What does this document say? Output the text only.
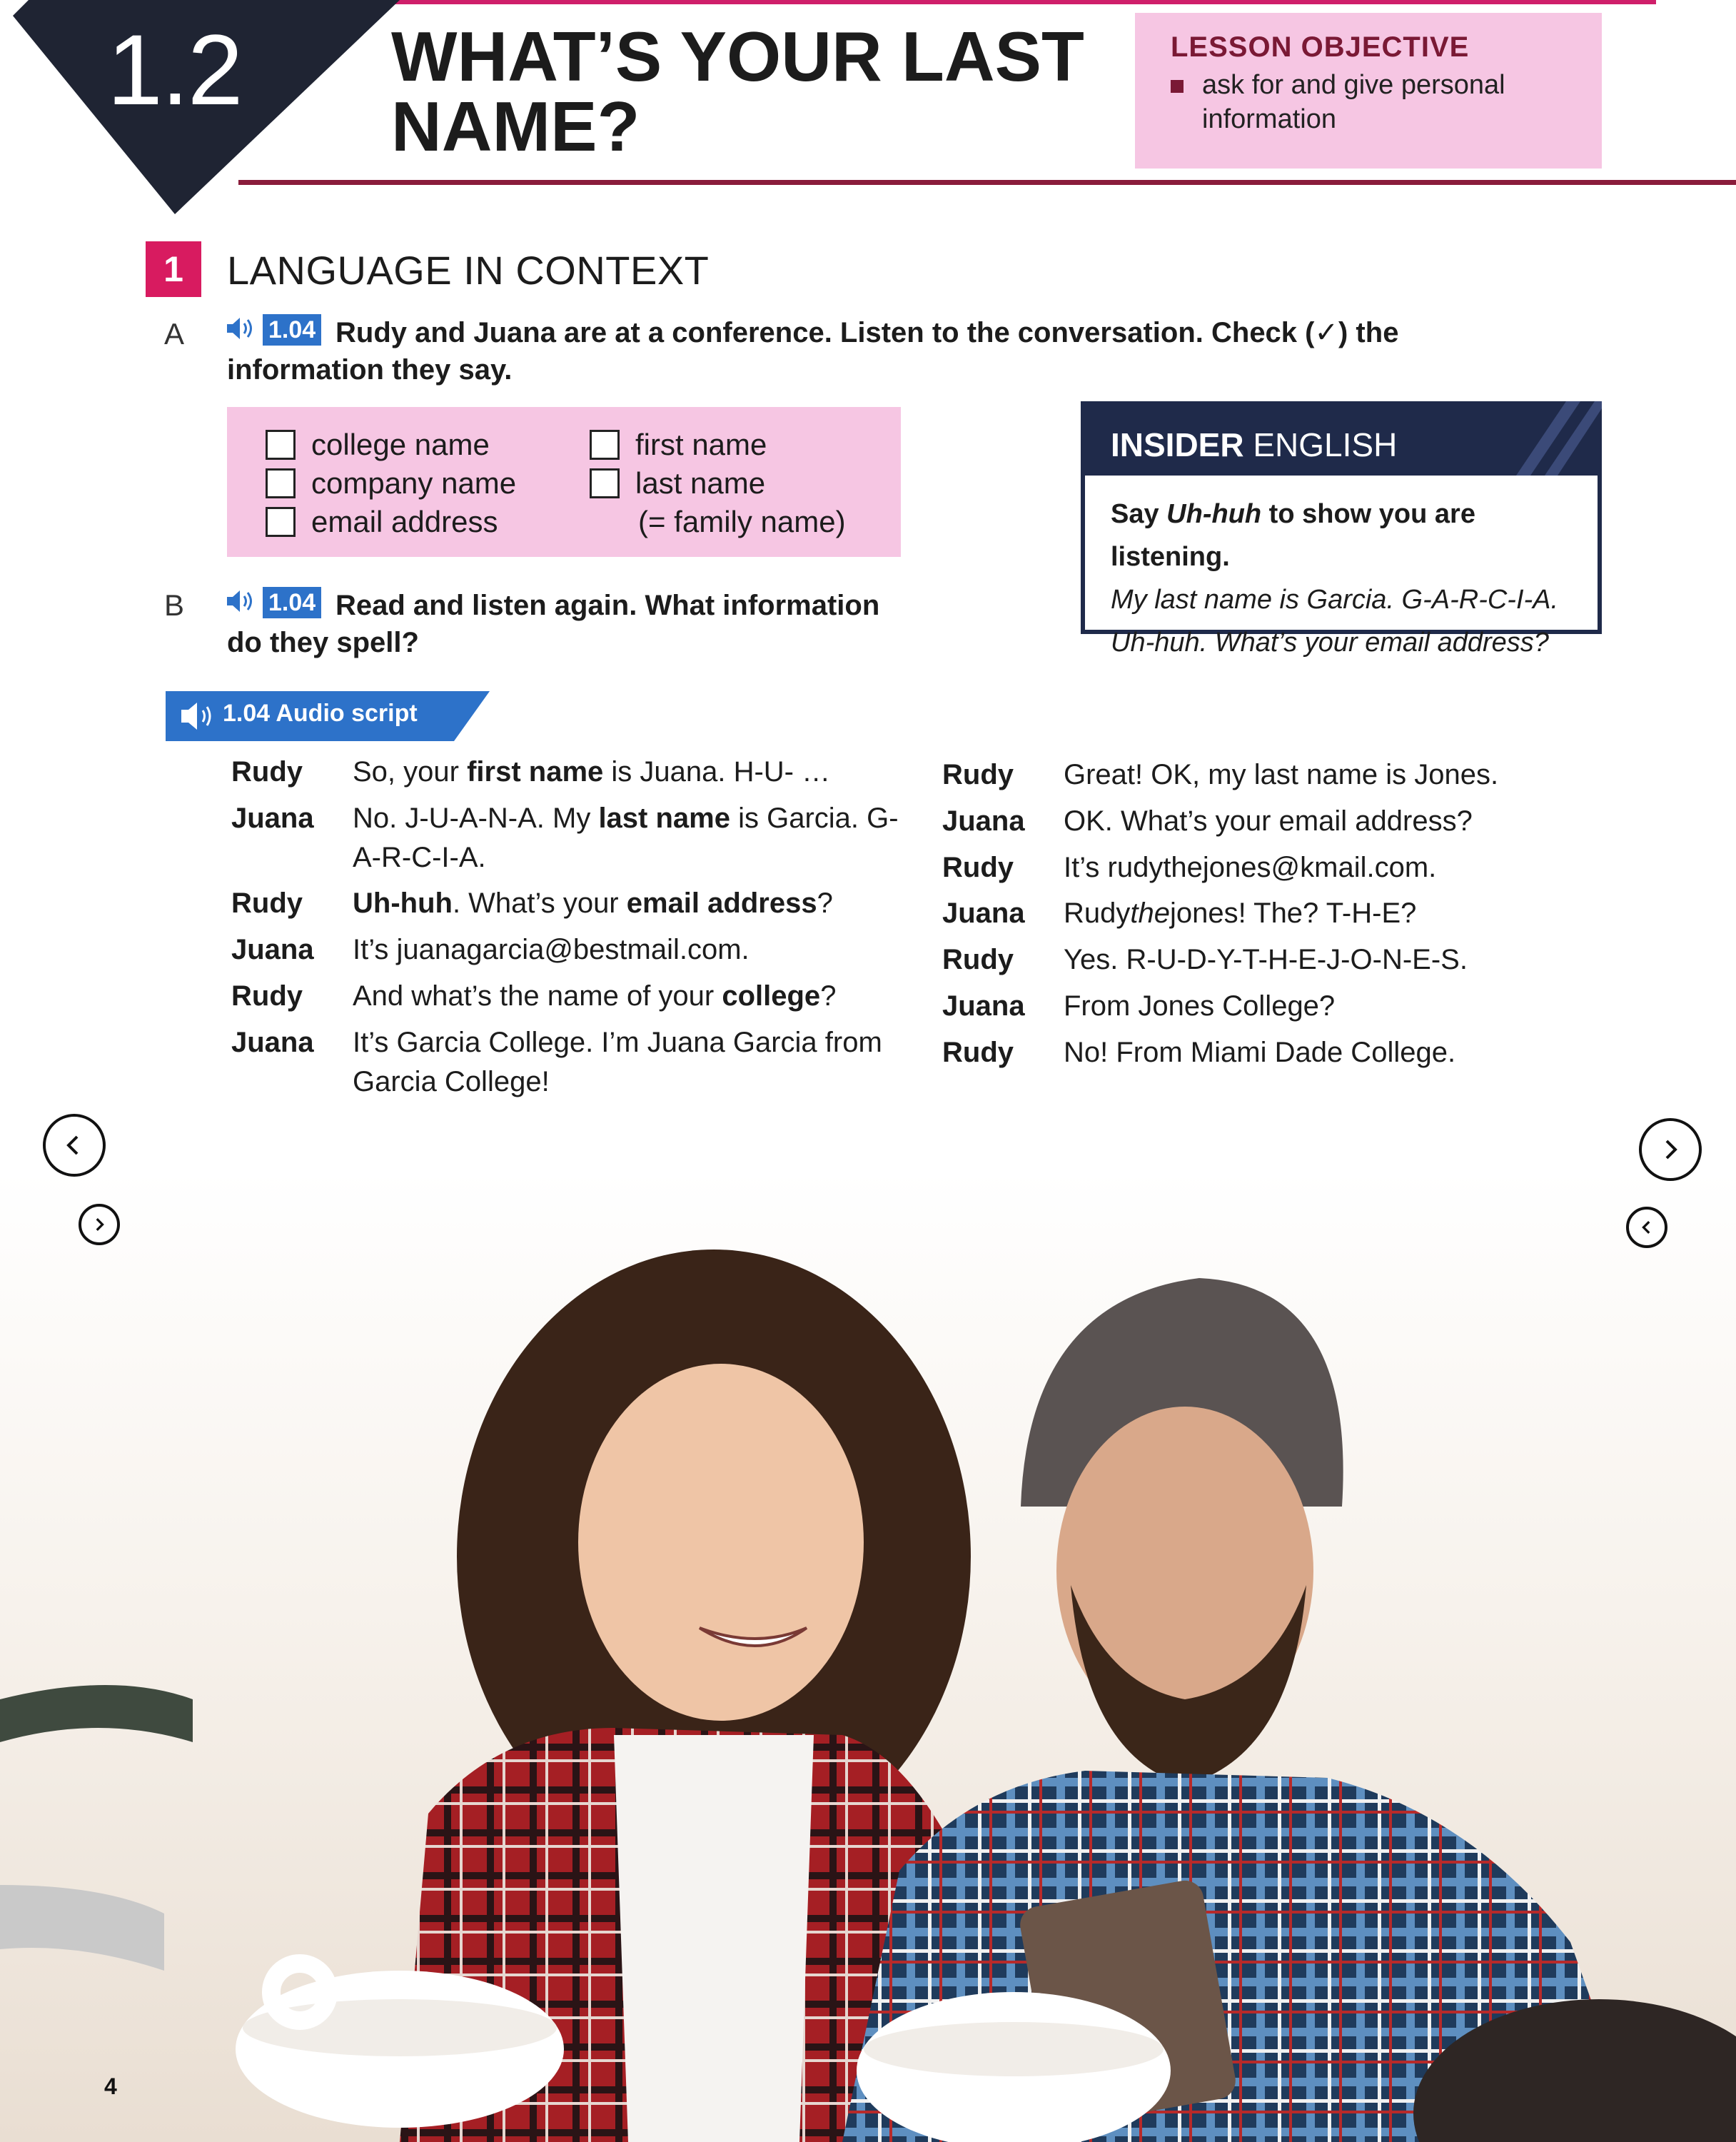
1.2 WHAT’S YOUR LAST NAME?
LESSON OBJECTIVE
ask for and give personal information
1	LANGUAGE IN CONTEXT
A	Rudy and Juana are at a conference. Listen to the conversation. Check (✓) the information they say.
1.04
college name
company name
email address
first name
last name
(= family name)
INSIDER ENGLISH
Say Uh-huh to show you are listening.
My last name is Garcia. G-A-R-C-I-A.
Uh-huh. What’s your email address?
B	Read and listen again. What information do they spell?
1.04
1.04 Audio script
Rudy	So, your first name is Juana. H-U- …
Juana	No. J-U-A-N-A. My last name is Garcia. G-A-R-C-I-A.
Rudy	Uh-huh. What’s your email address?
Juana	It’s juanagarcia@bestmail.com.
Rudy	And what’s the name of your college?
Juana	It’s Garcia College. I’m Juana Garcia from Garcia College!
Rudy	Great! OK, my last name is Jones.
Juana	OK. What’s your email address?
Rudy	It’s rudythejones@kmail.com.
Juana	Rudythejones! The? T-H-E?
Rudy	Yes. R-U-D-Y-T-H-E-J-O-N-E-S.
Juana	From Jones College?
Rudy	No! From Miami Dade College.
4
